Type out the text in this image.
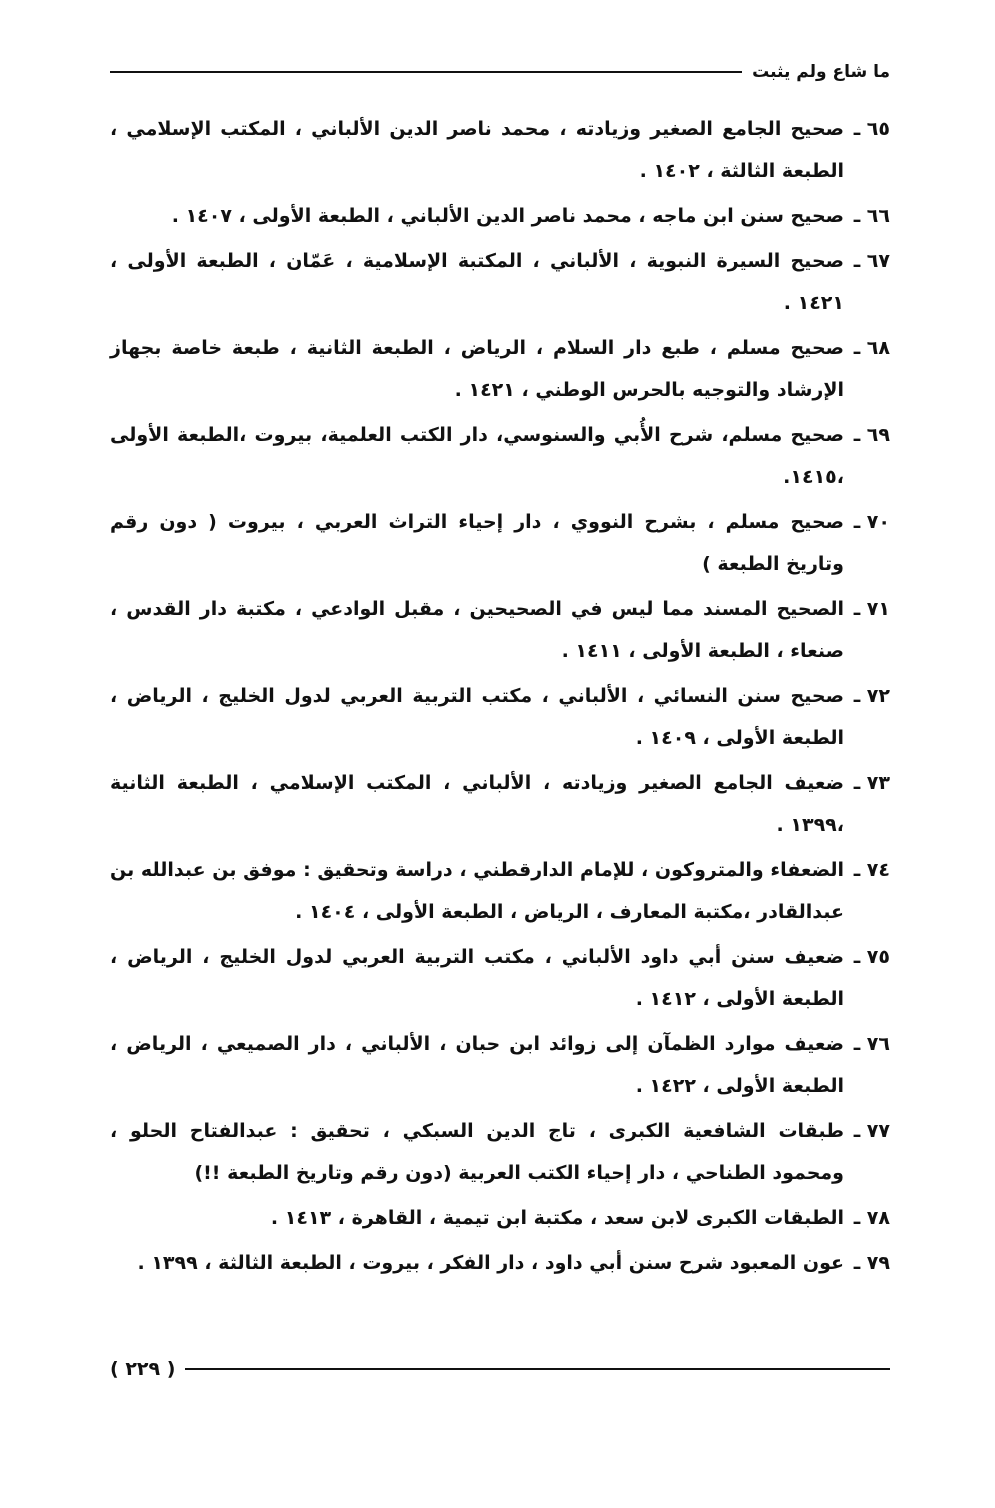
ما شاع ولم يثبت
٦٥ ـ
صحيح الجامع الصغير وزيادته ، محمد ناصر الدين الألباني ، المكتب الإسلامي ، الطبعة الثالثة ، ١٤٠٢ .
٦٦ ـ
صحيح سنن ابن ماجه ، محمد ناصر الدين الألباني ، الطبعة الأولى ، ١٤٠٧ .
٦٧ ـ
صحيح السيرة النبوية ، الألباني ، المكتبة الإسلامية ، عَمّان ، الطبعة الأولى ، ١٤٢١ .
٦٨ ـ
صحيح مسلم ، طبع دار السلام ، الرياض ، الطبعة الثانية ، طبعة خاصة بجهاز الإرشاد والتوجيه بالحرس الوطني ، ١٤٢١ .
٦٩ ـ
صحيح مسلم، شرح الأُبي والسنوسي، دار الكتب العلمية، بيروت ،الطبعة الأولى ،١٤١٥.
٧٠ ـ
صحيح مسلم ، بشرح النووي ، دار إحياء التراث العربي ، بيروت ( دون رقم وتاريخ الطبعة )
٧١ ـ
الصحيح المسند مما ليس في الصحيحين ، مقبل الوادعي ، مكتبة دار القدس ، صنعاء ، الطبعة الأولى ، ١٤١١ .
٧٢ ـ
صحيح سنن النسائي ، الألباني ، مكتب التربية العربي لدول الخليج ، الرياض ، الطبعة الأولى ، ١٤٠٩ .
٧٣ ـ
ضعيف الجامع الصغير وزيادته ، الألباني ، المكتب الإسلامي ، الطبعة الثانية ،١٣٩٩ .
٧٤ ـ
الضعفاء والمتروكون ، للإمام الدارقطني ، دراسة وتحقيق : موفق بن عبدالله بن عبدالقادر ،مكتبة المعارف ، الرياض ، الطبعة الأولى ، ١٤٠٤ .
٧٥ ـ
ضعيف سنن أبي داود الألباني ، مكتب التربية العربي لدول الخليج ، الرياض ، الطبعة الأولى ، ١٤١٢ .
٧٦ ـ
ضعيف موارد الظمآن إلى زوائد ابن حبان ، الألباني ، دار الصميعي ، الرياض ، الطبعة الأولى ، ١٤٢٢ .
٧٧ ـ
طبقات الشافعية الكبرى ، تاج الدين السبكي ، تحقيق : عبدالفتاح الحلو ، ومحمود الطناحي ، دار إحياء الكتب العربية (دون رقم وتاريخ الطبعة !!)
٧٨ ـ
الطبقات الكبرى لابن سعد ، مكتبة ابن تيمية ، القاهرة ، ١٤١٣ .
٧٩ ـ
عون المعبود شرح سنن أبي داود ، دار الفكر ، بيروت ، الطبعة الثالثة ، ١٣٩٩ .
( ٢٢٩ )
